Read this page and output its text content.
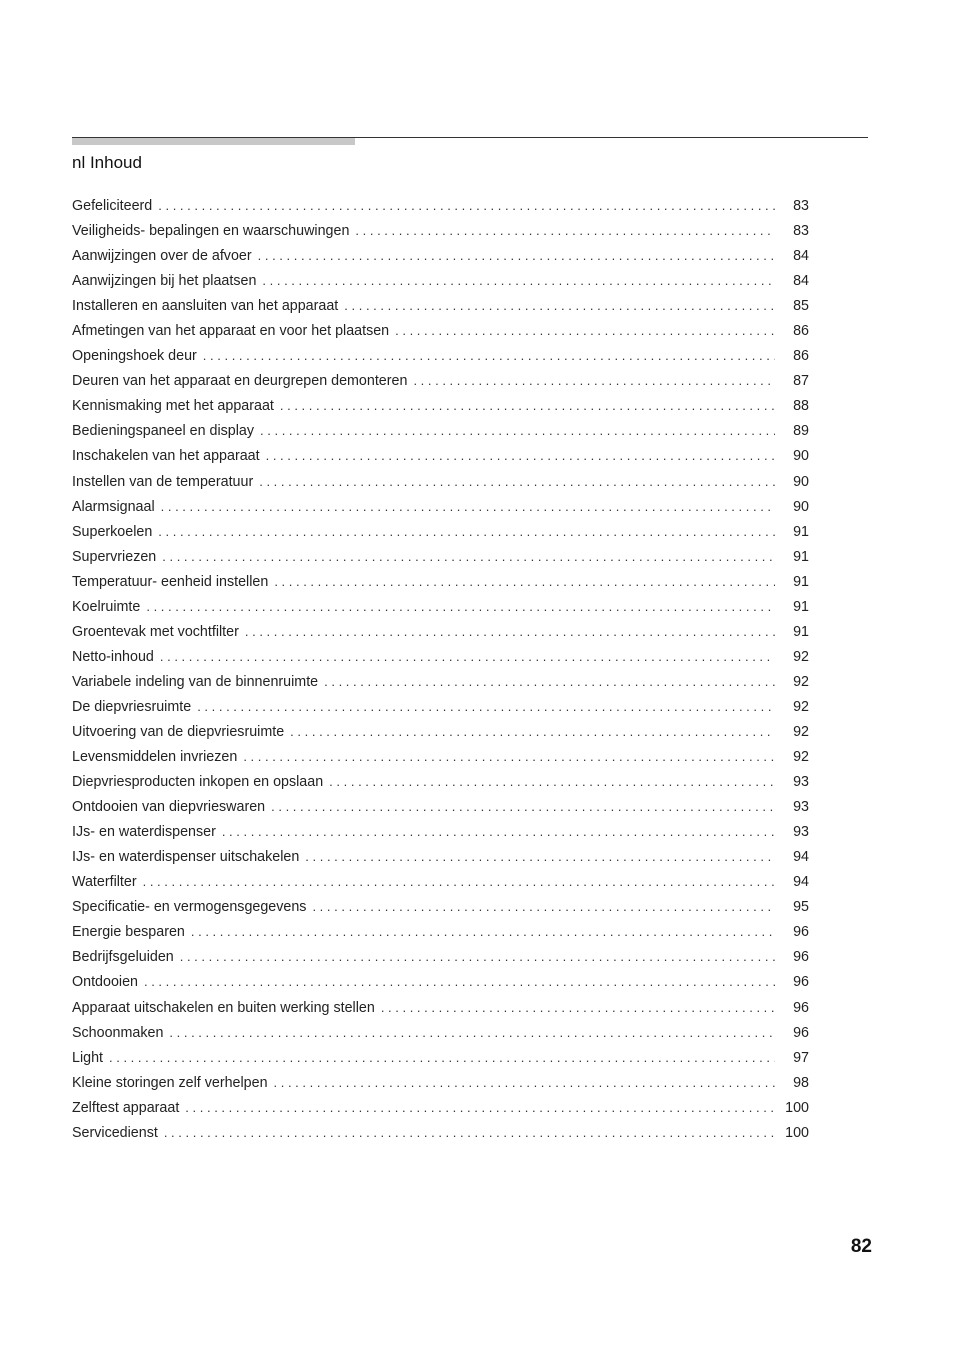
nl Inhoud
Gefeliciteerd . . .	83
Veiligheids- bepalingen en waarschuwingen . . .	83
Aanwijzingen over de afvoer . . .	84
Aanwijzingen bij het plaatsen . . .	84
Installeren en aansluiten van het apparaat . . .	85
Afmetingen van het apparaat en voor het plaatsen . . .	86
Openingshoek deur . . .	86
Deuren van het apparaat en deurgrepen demonteren . . .	87
Kennismaking met het apparaat . . .	88
Bedieningspaneel en display . . .	89
Inschakelen van het apparaat . . .	90
Instellen van de temperatuur . . .	90
Alarmsignaal . . .	90
Superkoelen . . .	91
Supervriezen . . .	91
Temperatuur- eenheid instellen . . .	91
Koelruimte . . .	91
Groentevak met vochtfilter . . .	91
Netto-inhoud . . .	92
Variabele indeling van de binnenruimte . . .	92
De diepvriesruimte . . .	92
Uitvoering van de diepvriesruimte . . .	92
Levensmiddelen invriezen . . .	92
Diepvriesproducten inkopen en opslaan . . .	93
Ontdooien van diepvrieswaren . . .	93
IJs- en waterdispenser . . .	93
IJs- en waterdispenser uitschakelen . . .	94
Waterfilter . . .	94
Specificatie- en vermogensgegevens . . .	95
Energie besparen . . .	96
Bedrijfsgeluiden . . .	96
Ontdooien . . .	96
Apparaat uitschakelen en buiten werking stellen . . .	96
Schoonmaken . . .	96
Light . . .	97
Kleine storingen zelf verhelpen . . .	98
Zelftest apparaat . . .	100
Servicedienst . . .	100
82
